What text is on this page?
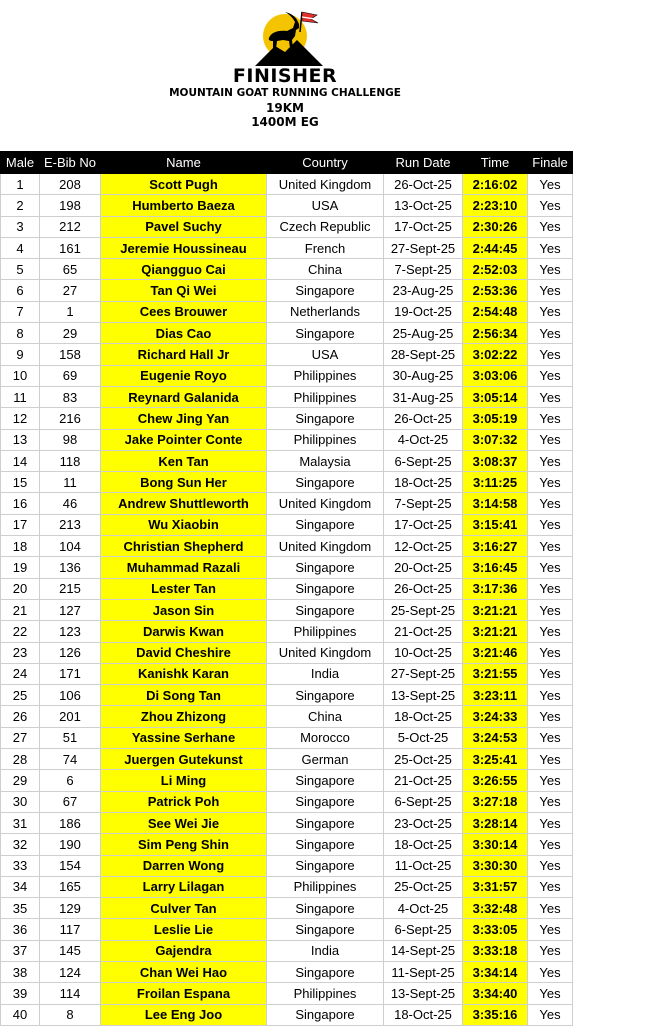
FINISHER
MOUNTAIN GOAT RUNNING CHALLENGE
19KM
1400M EG
Male	E-Bib No	Name	Country	Run Date	Time	Finale
1	208	Scott Pugh	United Kingdom	26-Oct-25	2:16:02	Yes
2	198	Humberto Baeza	USA	13-Oct-25	2:23:10	Yes
3	212	Pavel Suchy	Czech Republic	17-Oct-25	2:30:26	Yes
4	161	Jeremie Houssineau	French	27-Sept-25	2:44:45	Yes
5	65	Qiangguo Cai	China	7-Sept-25	2:52:03	Yes
6	27	Tan Qi Wei	Singapore	23-Aug-25	2:53:36	Yes
7	1	Cees Brouwer	Netherlands	19-Oct-25	2:54:48	Yes
8	29	Dias Cao	Singapore	25-Aug-25	2:56:34	Yes
9	158	Richard Hall Jr	USA	28-Sept-25	3:02:22	Yes
10	69	Eugenie Royo	Philippines	30-Aug-25	3:03:06	Yes
11	83	Reynard Galanida	Philippines	31-Aug-25	3:05:14	Yes
12	216	Chew Jing Yan	Singapore	26-Oct-25	3:05:19	Yes
13	98	Jake Pointer Conte	Philippines	4-Oct-25	3:07:32	Yes
14	118	Ken Tan	Malaysia	6-Sept-25	3:08:37	Yes
15	11	Bong Sun Her	Singapore	18-Oct-25	3:11:25	Yes
16	46	Andrew Shuttleworth	United Kingdom	7-Sept-25	3:14:58	Yes
17	213	Wu Xiaobin	Singapore	17-Oct-25	3:15:41	Yes
18	104	Christian Shepherd	United Kingdom	12-Oct-25	3:16:27	Yes
19	136	Muhammad Razali	Singapore	20-Oct-25	3:16:45	Yes
20	215	Lester Tan	Singapore	26-Oct-25	3:17:36	Yes
21	127	Jason Sin	Singapore	25-Sept-25	3:21:21	Yes
22	123	Darwis Kwan	Philippines	21-Oct-25	3:21:21	Yes
23	126	David Cheshire	United Kingdom	10-Oct-25	3:21:46	Yes
24	171	Kanishk Karan	India	27-Sept-25	3:21:55	Yes
25	106	Di Song Tan	Singapore	13-Sept-25	3:23:11	Yes
26	201	Zhou Zhizong	China	18-Oct-25	3:24:33	Yes
27	51	Yassine Serhane	Morocco	5-Oct-25	3:24:53	Yes
28	74	Juergen Gutekunst	German	25-Oct-25	3:25:41	Yes
29	6	Li Ming	Singapore	21-Oct-25	3:26:55	Yes
30	67	Patrick Poh	Singapore	6-Sept-25	3:27:18	Yes
31	186	See Wei Jie	Singapore	23-Oct-25	3:28:14	Yes
32	190	Sim Peng Shin	Singapore	18-Oct-25	3:30:14	Yes
33	154	Darren Wong	Singapore	11-Oct-25	3:30:30	Yes
34	165	Larry Lilagan	Philippines	25-Oct-25	3:31:57	Yes
35	129	Culver Tan	Singapore	4-Oct-25	3:32:48	Yes
36	117	Leslie Lie	Singapore	6-Sept-25	3:33:05	Yes
37	145	Gajendra	India	14-Sept-25	3:33:18	Yes
38	124	Chan Wei Hao	Singapore	11-Sept-25	3:34:14	Yes
39	114	Froilan Espana	Philippines	13-Sept-25	3:34:40	Yes
40	8	Lee Eng Joo	Singapore	18-Oct-25	3:35:16	Yes
